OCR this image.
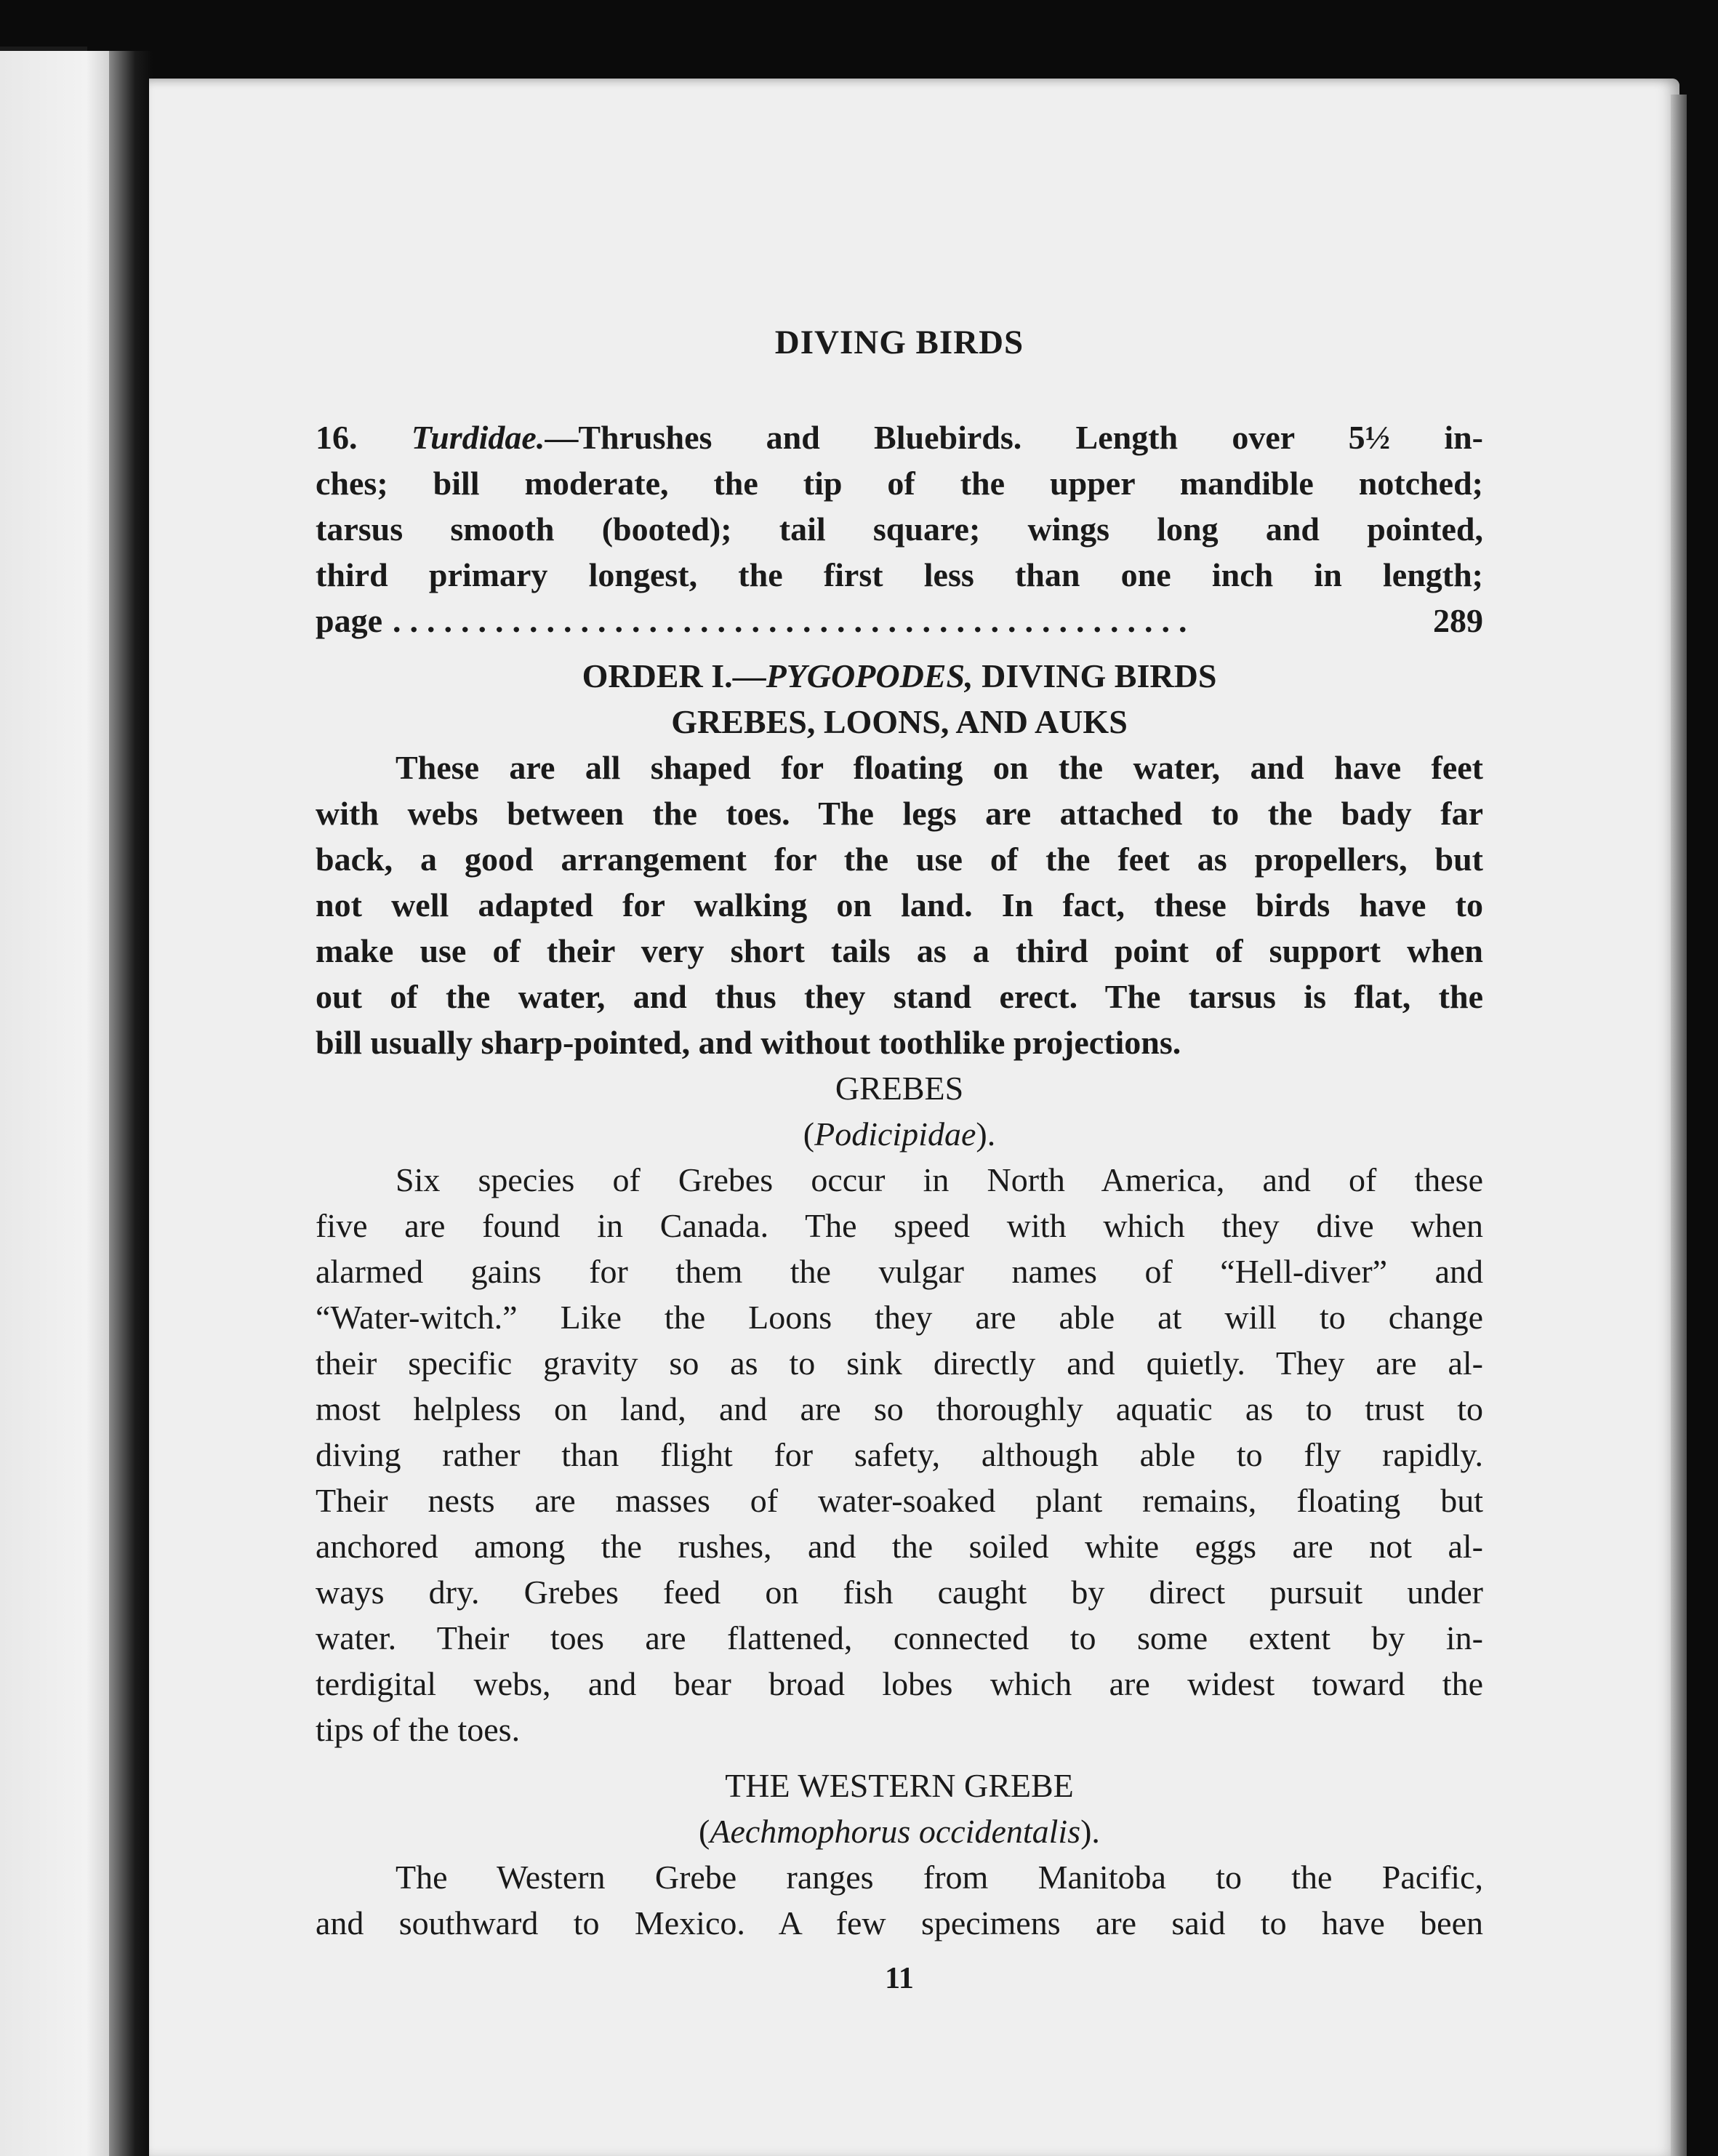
DIVING BIRDS
16. Turdidae.—Thrushes and Bluebirds. Length over 5½ in-
ches; bill moderate, the tip of the upper mandible notched;
tarsus smooth (booted); tail square; wings long and pointed,
third primary longest, the first less than one inch in length;
page ...............................................	289
ORDER I.—PYGOPODES, DIVING BIRDS
GREBES, LOONS, AND AUKS
These are all shaped for floating on the water, and have feet
with webs between the toes. The legs are attached to the bady far
back, a good arrangement for the use of the feet as propellers, but
not well adapted for walking on land. In fact, these birds have to
make use of their very short tails as a third point of support when
out of the water, and thus they stand erect. The tarsus is flat, the
bill usually sharp-pointed, and without toothlike projections.
GREBES
(Podicipidae).
Six species of Grebes occur in North America, and of these
five are found in Canada. The speed with which they dive when
alarmed gains for them the vulgar names of “Hell-diver” and
“Water-witch.” Like the Loons they are able at will to change
their specific gravity so as to sink directly and quietly. They are al-
most helpless on land, and are so thoroughly aquatic as to trust to
diving rather than flight for safety, although able to fly rapidly.
Their nests are masses of water-soaked plant remains, floating but
anchored among the rushes, and the soiled white eggs are not al-
ways dry. Grebes feed on fish caught by direct pursuit under
water. Their toes are flattened, connected to some extent by in-
terdigital webs, and bear broad lobes which are widest toward the
tips of the toes.
THE WESTERN GREBE
(Aechmophorus occidentalis).
The Western Grebe ranges from Manitoba to the Pacific,
and southward to Mexico. A few specimens are said to have been
11
